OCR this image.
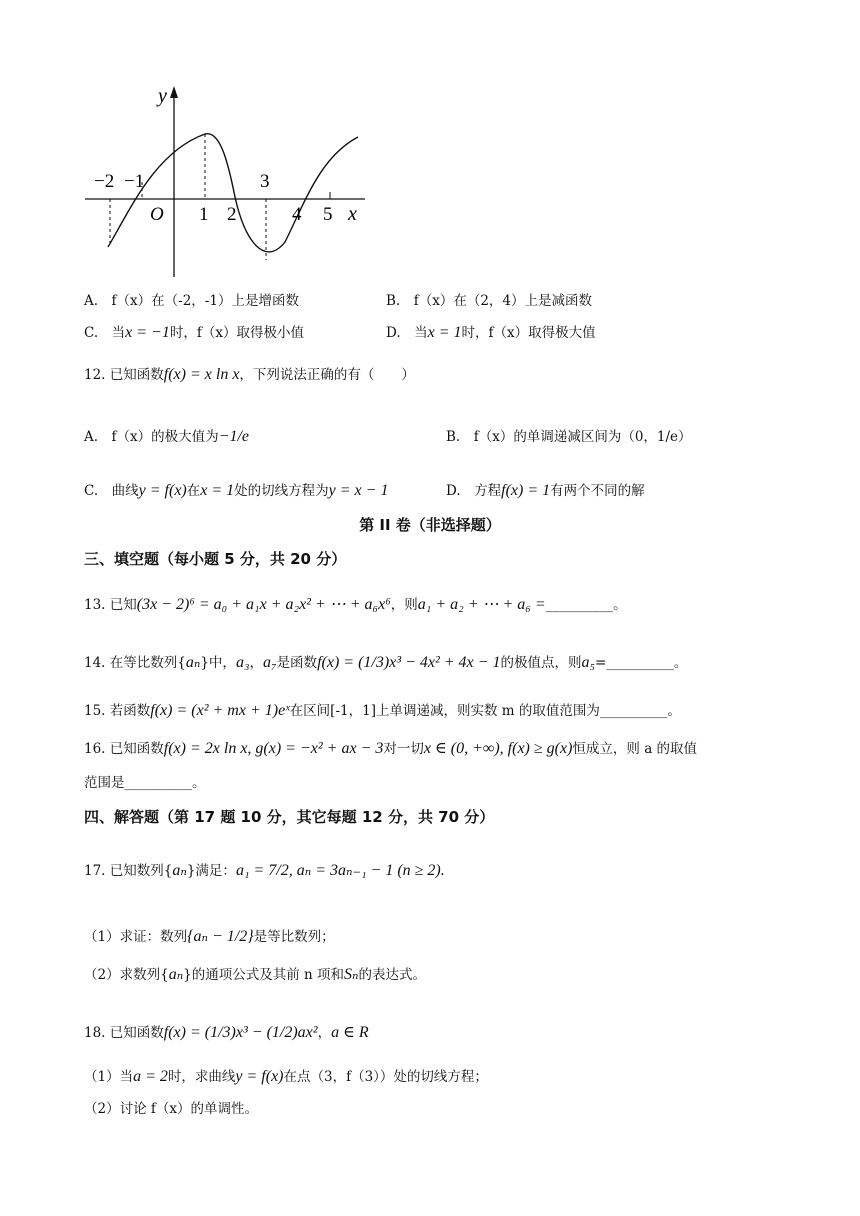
y
x
O
−2 −1
1 2
3
4 5
A.　f（x）在（-2，-1）上是增函数	B.　f（x）在（2，4）上是减函数
C.　当x = −1时，f（x）取得极小值	D.　当x = 1时，f（x）取得极大值
12. 已知函数f(x) = x ln x，下列说法正确的有（　　）
A.　f（x）的极大值为−1/e	B.　f（x）的单调递减区间为（0，1/e）
C.　曲线y = f(x)在x = 1处的切线方程为y = x − 1	D.　方程f(x) = 1有两个不同的解
第 II 卷（非选择题）
三、填空题（每小题 5 分，共 20 分）
13. 已知(3x − 2)⁶ = a₀ + a₁x + a₂x² + ⋯ + a₆x⁶，则a₁ + a₂ + ⋯ + a₆ =__________。
14. 在等比数列{aₙ}中，a₃，a₇是函数f(x) = (1/3)x³ − 4x² + 4x − 1的极值点，则a₅=__________。
15. 若函数f(x) = (x² + mx + 1)eˣ在区间[-1，1]上单调递减，则实数 m 的取值范围为__________。
16. 已知函数f(x) = 2x ln x, g(x) = −x² + ax − 3对一切x ∈ (0, +∞), f(x) ≥ g(x)恒成立，则 a 的取值
范围是__________。
四、解答题（第 17 题 10 分，其它每题 12 分，共 70 分）
17. 已知数列{aₙ}满足：a₁ = 7/2, aₙ = 3aₙ₋₁ − 1 (n ≥ 2).
（1）求证：数列{aₙ − 1/2}是等比数列；
（2）求数列{aₙ}的通项公式及其前 n 项和Sₙ的表达式。
18. 已知函数f(x) = (1/3)x³ − (1/2)ax²，a ∈ R
（1）当a = 2时，求曲线y = f(x)在点（3，f（3））处的切线方程；
（2）讨论 f（x）的单调性。
